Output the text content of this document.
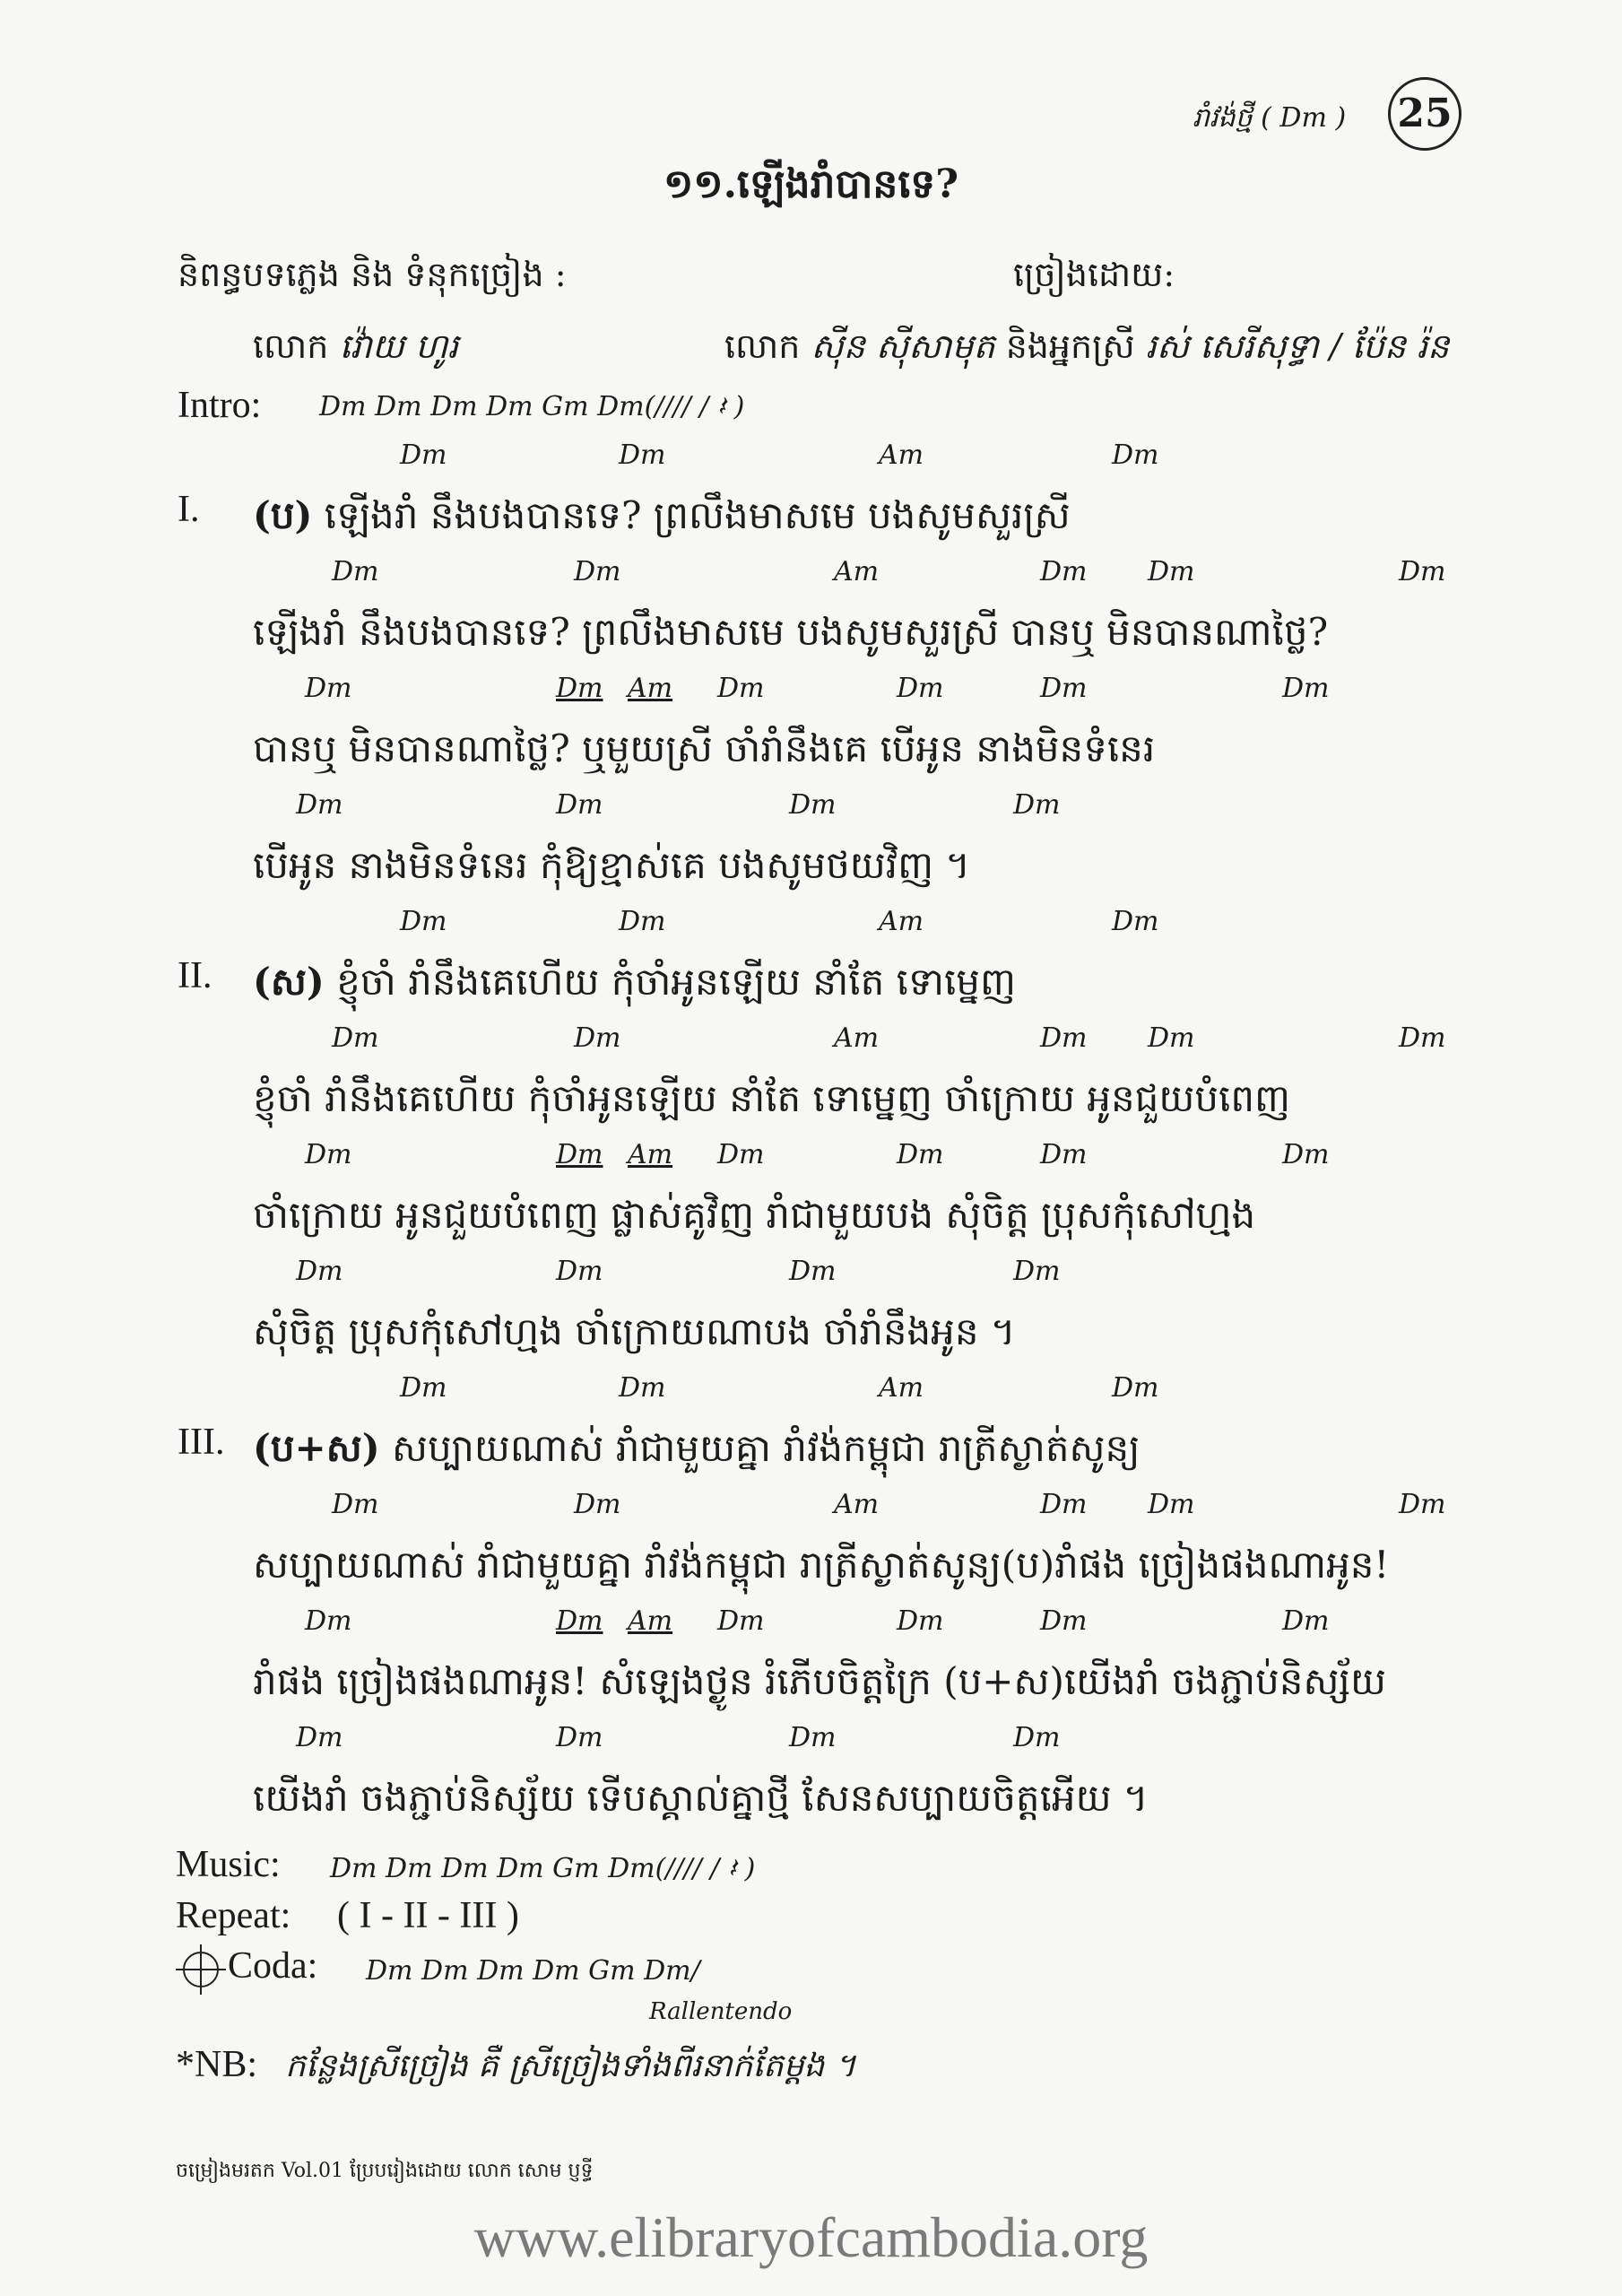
រាំវង់ថ្មី ( Dm ) 25
១១.ឡើងរាំបានទេ?
និពន្ធបទភ្លេង និង ទំនុកច្រៀង :	ច្រៀងដោយ:
លោក វ៉ោយ ហូរ	លោក ស៊ីន ស៊ីសាមុត និងអ្នកស្រី រស់ សេរីសុទ្ធា / ប៉ែន រ៉ន
Intro: Dm Dm Dm Dm Gm Dm(//// / 𝄽 )
I. (ប) ឡើងរាំ នឹងបងបានទេ? ព្រលឹងមាសមេ បងសូមសួរស្រី
Dm	Dm	Am	Dm
ឡើងរាំ នឹងបងបានទេ? ព្រលឹងមាសមេ បងសូមសួរស្រី បានឬ មិនបានណាថ្លៃ?
Dm	Dm	Am	Dm Dm	Dm
បានឬ មិនបានណាថ្លៃ? ឬមួយស្រី ចាំរាំនឹងគេ បើអូន នាងមិនទំនេរ
Dm	Dm Am Dm	Dm	Dm	Dm
បើអូន នាងមិនទំនេរ កុំឱ្យខ្មាស់គេ បងសូមថយវិញ ។
Dm	Dm	Dm	Dm
II. (ស) ខ្ញុំចាំ រាំនឹងគេហើយ កុំចាំអូនឡើយ នាំតែ ទោម្នេញ
Dm	Dm	Am	Dm
ខ្ញុំចាំ រាំនឹងគេហើយ កុំចាំអូនឡើយ នាំតែ ទោម្នេញ ចាំក្រោយ អូនជួយបំពេញ
Dm	Dm	Am	Dm Dm	Dm
ចាំក្រោយ អូនជួយបំពេញ ផ្លាស់គូវិញ រាំជាមួយបង សុំចិត្ត ប្រុសកុំសៅហ្មង
Dm	Dm Am Dm	Dm	Dm	Dm
សុំចិត្ត ប្រុសកុំសៅហ្មង ចាំក្រោយណាបង ចាំរាំនឹងអូន ។
Dm	Dm	Dm	Dm
III. (ប+ស) សប្បាយណាស់ រាំជាមួយគ្នា រាំវង់កម្ពុជា រាត្រីស្ងាត់សូន្យ
Dm	Dm	Am	Dm
សប្បាយណាស់ រាំជាមួយគ្នា រាំវង់កម្ពុជា រាត្រីស្ងាត់សូន្យ(ប)រាំផង ច្រៀងផងណាអូន!
Dm	Dm	Am	Dm Dm	Dm
រាំផង ច្រៀងផងណាអូន! សំឡេងថ្ងូន រំភើបចិត្តក្រៃ (ប+ស)យើងរាំ ចងភ្ជាប់និស្ស័យ
Dm	Dm Am Dm	Dm	Dm	Dm
យើងរាំ ចងភ្ជាប់និស្ស័យ ទើបស្គាល់គ្នាថ្មី សែនសប្បាយចិត្តអើយ ។
Dm	Dm	Dm	Dm
Music: Dm Dm Dm Dm Gm Dm(//// / 𝄽 )
Repeat: ( I - II - III )
Coda: Dm Dm Dm Dm Gm Dm/
Rallentendo
*NB: កន្លែងស្រីច្រៀង គឺ ស្រីច្រៀងទាំងពីរនាក់តែម្តង ។
ចម្រៀងមរតក Vol.01 ប្រែបរៀងដោយ លោក សោម ប្ញទ្ធី
www.elibraryofcambodia.org
